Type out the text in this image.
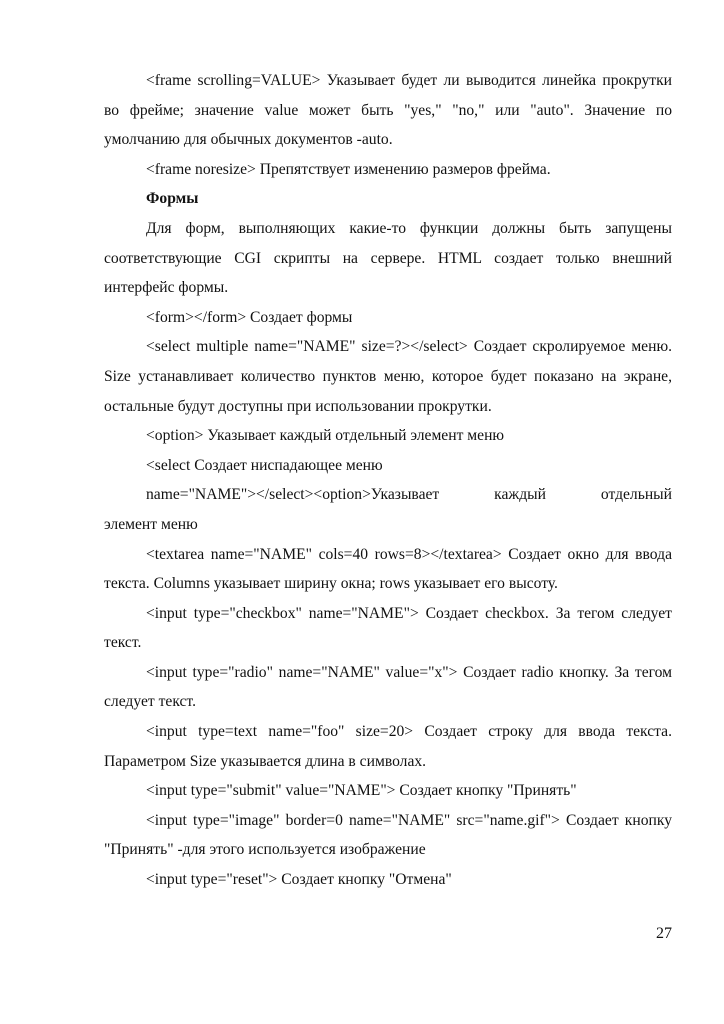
<frame scrolling=VALUE> Указывает будет ли выводится линейка прокрутки во фрейме; значение value может быть "yes," "no," или "auto". Значение по умолчанию для обычных документов -auto.

<frame noresize> Препятствует изменению размеров фрейма.

Формы

Для форм, выполняющих какие-то функции должны быть запущены соответствующие CGI скрипты на сервере. HTML создает только внешний интерфейс формы.

<form></form> Создает формы

<select multiple name="NAME" size=?></select> Создает скролируемое меню. Size устанавливает количество пунктов меню, которое будет показано на экране, остальные будут доступны при использовании прокрутки.

<option> Указывает каждый отдельный элемент меню

<select Создает ниспадающее меню

name="NAME"></select><option>Указывает каждый отдельный

элемент меню

<textarea name="NAME" cols=40 rows=8></textarea> Создает окно для ввода текста. Columns указывает ширину окна; rows указывает его высоту.

<input type="checkbox" name="NAME"> Создает checkbox. За тегом следует текст.

<input type="radio" name="NAME" value="x"> Создает radio кнопку. За тегом следует текст.

<input type=text name="foo" size=20> Создает строку для ввода текста. Параметром Size указывается длина в символах.

<input type="submit" value="NAME"> Создает кнопку "Принять"

<input type="image" border=0 name="NAME" src="name.gif"> Создает кнопку "Принять" -для этого используется изображение

<input type="reset"> Создает кнопку "Отмена"

27
